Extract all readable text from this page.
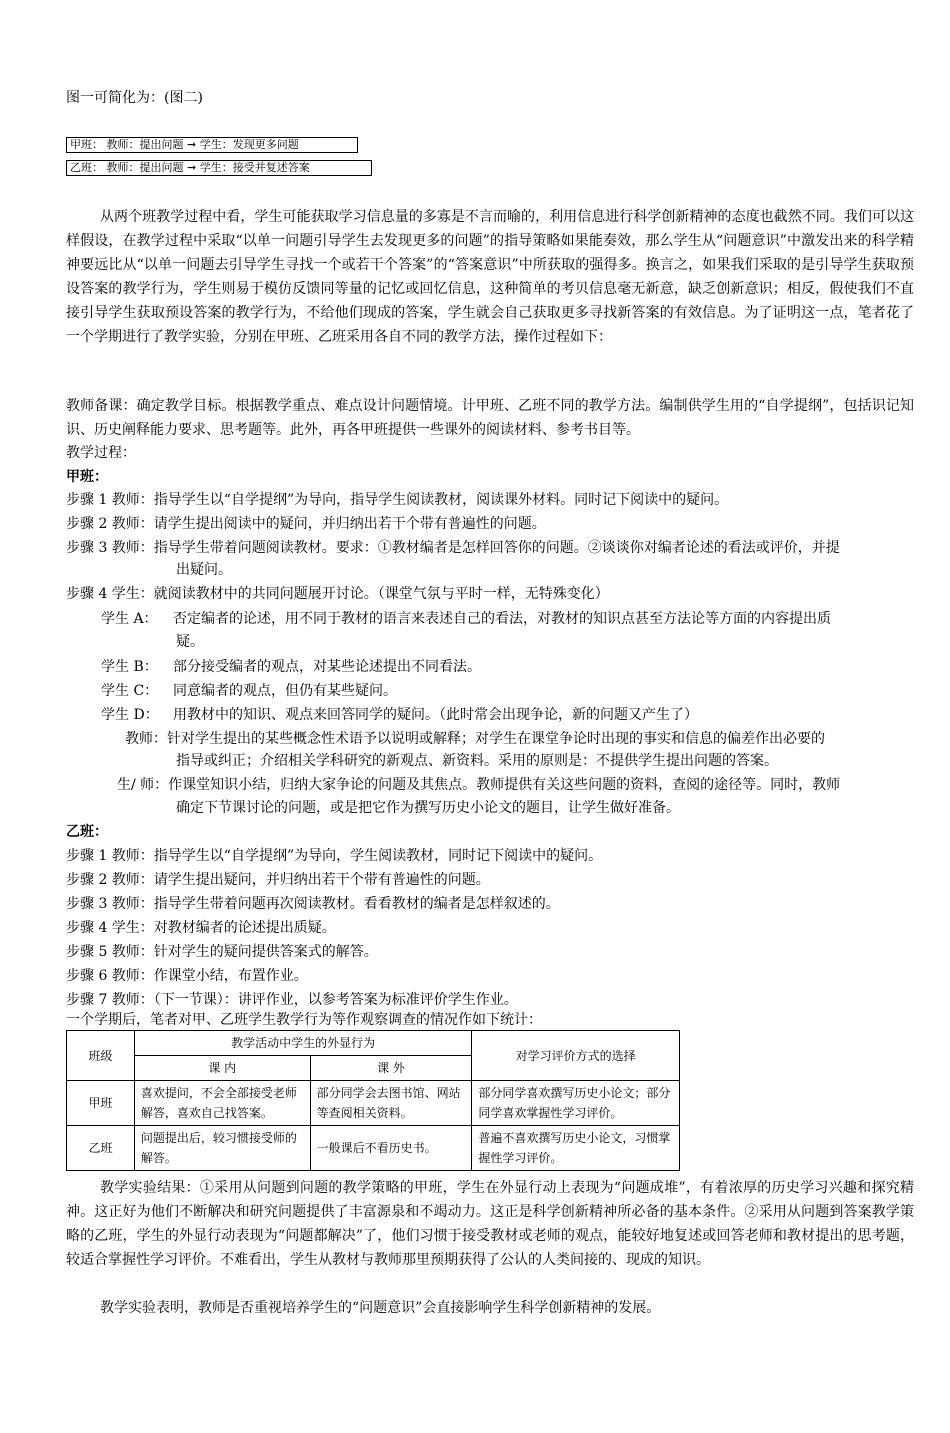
图一可简化为：(图二)
甲班： 教师：提出问题 ➞ 学生：发现更多问题
乙班： 教师：提出问题 ➞ 学生：接受并复述答案
从两个班教学过程中看，学生可能获取学习信息量的多寡是不言而喻的，利用信息进行科学创新精神的态度也截然不同。我们可以这样假设，在教学过程中采取“以单一问题引导学生去发现更多的问题”的指导策略如果能奏效，那么学生从“问题意识”中激发出来的科学精神要远比从“以单一问题去引导学生寻找一个或若干个答案”的“答案意识”中所获取的强得多。换言之，如果我们采取的是引导学生获取预设答案的教学行为，学生则易于模仿反馈同等量的记忆或回忆信息，这种简单的考贝信息毫无新意，缺乏创新意识；相反，假使我们不直接引导学生获取预设答案的教学行为，不给他们现成的答案，学生就会自己获取更多寻找新答案的有效信息。为了证明这一点，笔者花了一个学期进行了教学实验，分别在甲班、乙班采用各自不同的教学方法，操作过程如下：
教师备课：确定教学目标。根据教学重点、难点设计问题情境。计甲班、乙班不同的教学方法。编制供学生用的“自学提纲”，包括识记知识、历史阐释能力要求、思考题等。此外，再各甲班提供一些课外的阅读材料、参考书目等。
教学过程：
甲班：
步骤 1 教师：指导学生以“自学提纲”为导向，指导学生阅读教材，阅读课外材料。同时记下阅读中的疑问。
步骤 2 教师：请学生提出阅读中的疑问，并归纳出若干个带有普遍性的问题。
步骤 3 教师：指导学生带着问题阅读教材。要求：①教材编者是怎样回答你的问题。②谈谈你对编者论述的看法或评价，并提
出疑问。
步骤 4 学生：就阅读教材中的共同问题展开讨论。（课堂气氛与平时一样，无特殊变化）
学生 A： 否定编者的论述，用不同于教材的语言来表述自己的看法，对教材的知识点甚至方法论等方面的内容提出质
疑。
学生 B： 部分接受编者的观点，对某些论述提出不同看法。
学生 C： 同意编者的观点，但仍有某些疑问。
学生 D： 用教材中的知识、观点来回答同学的疑问。（此时常会出现争论，新的问题又产生了）
教师：针对学生提出的某些概念性术语予以说明或解释；对学生在课堂争论时出现的事实和信息的偏差作出必要的
指导或纠正；介绍相关学科研究的新观点、新资料。采用的原则是：不提供学生提出问题的答案。
生/ 师：作课堂知识小结，归纳大家争论的问题及其焦点。教师提供有关这些问题的资料，查阅的途径等。同时，教师
确定下节课讨论的问题，或是把它作为撰写历史小论文的题目，让学生做好准备。
乙班：
步骤 1 教师：指导学生以“自学提纲”为导向，学生阅读教材，同时记下阅读中的疑问。
步骤 2 教师：请学生提出疑问，并归纳出若干个带有普遍性的问题。
步骤 3 教师：指导学生带着问题再次阅读教材。看看教材的编者是怎样叙述的。
步骤 4 学生：对教材编者的论述提出质疑。
步骤 5 教师：针对学生的疑问提供答案式的解答。
步骤 6 教师：作课堂小结，布置作业。
步骤 7 教师：（下一节课）：讲评作业，以参考答案为标准评价学生作业。
一个学期后，笔者对甲、乙班学生教学行为等作观察调查的情况作如下统计：
班级	教学活动中学生的外显行为		对学习评价方式的选择
	课 内	课 外	
甲班	喜欢提问，不会全部接受老师解答，喜欢自己找答案。	部分同学会去图书馆、网站等查阅相关资料。	部分同学喜欢撰写历史小论文；部分同学喜欢掌握性学习评价。
乙班	问题提出后，较习惯接受师的解答。	一般课后不看历史书。	普遍不喜欢撰写历史小论文，习惯掌握性学习评价。
教学实验结果：①采用从问题到问题的教学策略的甲班，学生在外显行动上表现为“问题成堆”，有着浓厚的历史学习兴趣和探究精神。这正好为他们不断解决和研究问题提供了丰富源泉和不竭动力。这正是科学创新精神所必备的基本条件。②采用从问题到答案教学策略的乙班，学生的外显行动表现为“问题都解决”了，他们习惯于接受教材或老师的观点，能较好地复述或回答老师和教材提出的思考题，较适合掌握性学习评价。不难看出，学生从教材与教师那里预期获得了公认的人类间接的、现成的知识。
教学实验表明，教师是否重视培养学生的“问题意识”会直接影响学生科学创新精神的发展。
